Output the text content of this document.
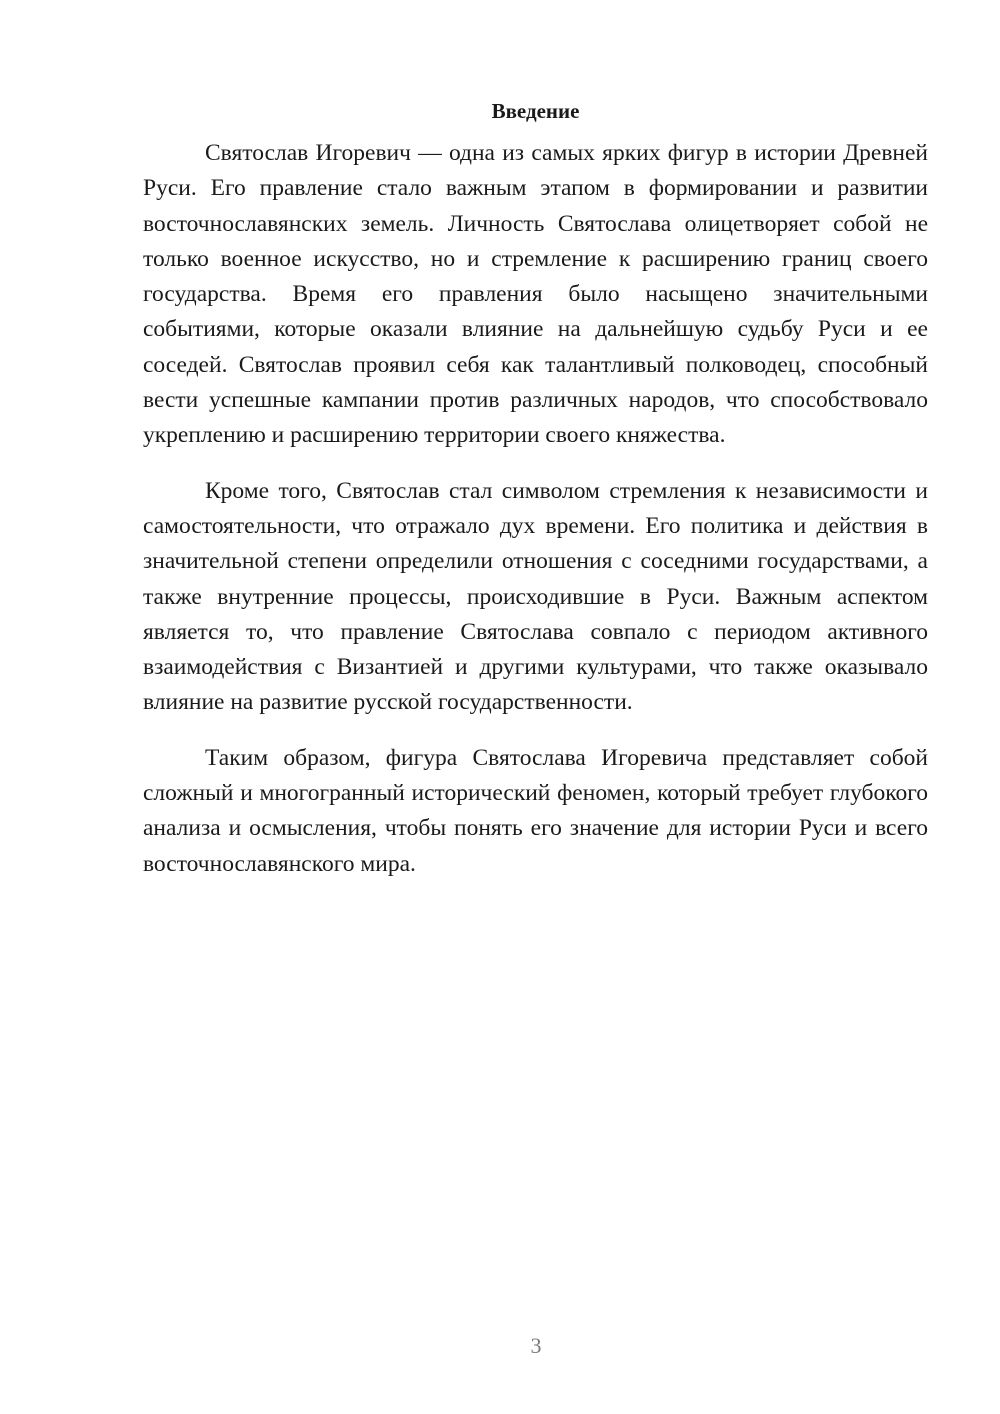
Введение

Святослав Игоревич — одна из самых ярких фигур в истории Древней Руси. Его правление стало важным этапом в формировании и развитии восточнославянских земель. Личность Святослава олицетворяет собой не только военное искусство, но и стремление к расширению границ своего государства. Время его правления было насыщено значительными событиями, которые оказали влияние на дальнейшую судьбу Руси и ее соседей. Святослав проявил себя как талантливый полководец, способный вести успешные кампании против различных народов, что способствовало укреплению и расширению территории своего княжества.

Кроме того, Святослав стал символом стремления к независимости и самостоятельности, что отражало дух времени. Его политика и действия в значительной степени определили отношения с соседними государствами, а также внутренние процессы, происходившие в Руси. Важным аспектом является то, что правление Святослава совпало с периодом активного взаимодействия с Византией и другими культурами, что также оказывало влияние на развитие русской государственности.

Таким образом, фигура Святослава Игоревича представляет собой сложный и многогранный исторический феномен, который требует глубокого анализа и осмысления, чтобы понять его значение для истории Руси и всего восточнославянского мира.

3
